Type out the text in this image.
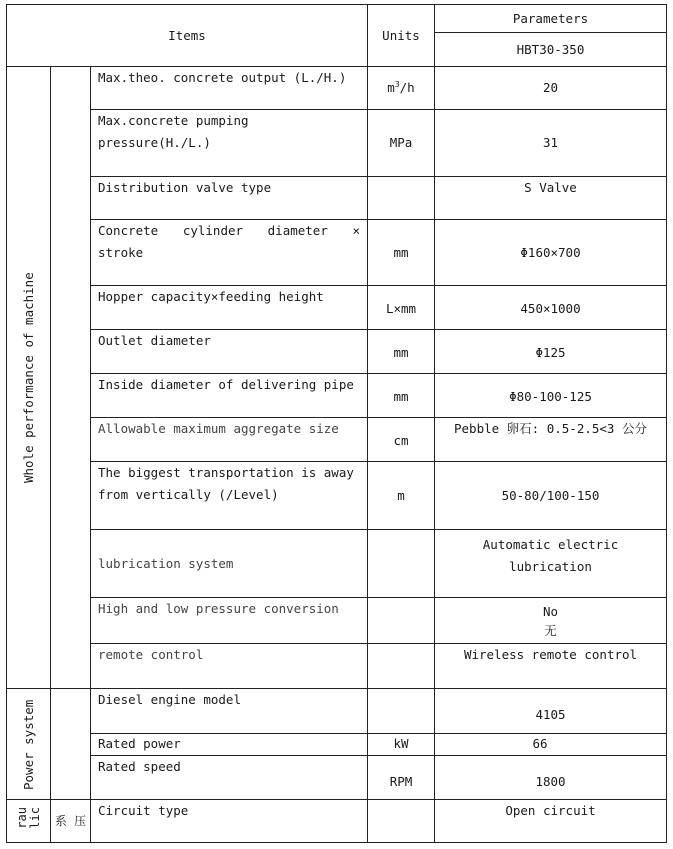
Items			Units	Parameters
				HBT30-350
Whole performance of machine		Max.theo. concrete output (L./H.)	$m^3/h$	20
		Max.concrete pumping pressure(H./L.)	MPa	31
		Distribution valve type		S Valve
		Concrete cylinder diameter × stroke	mm	Φ160×700
		Hopper capacity×feeding height	L×mm	450×1000
		Outlet diameter	mm	Φ125
		Inside diameter of delivering pipe	mm	Φ80-100-125
		Allowable maximum aggregate size	cm	Pebble 卵石: 0.5-2.5<3 公分
		The biggest transportation is away from vertically (/Level)	m	50-80/100-150
		lubrication system		Automatic electric lubrication
		High and low pressure conversion		No
无

		remote control		Wireless remote control
Power system		Diesel engine model		4105
		Rated power	kW	66
		Rated speed	RPM	1800

rau lic	系 压	Circuit type		Open circuit
